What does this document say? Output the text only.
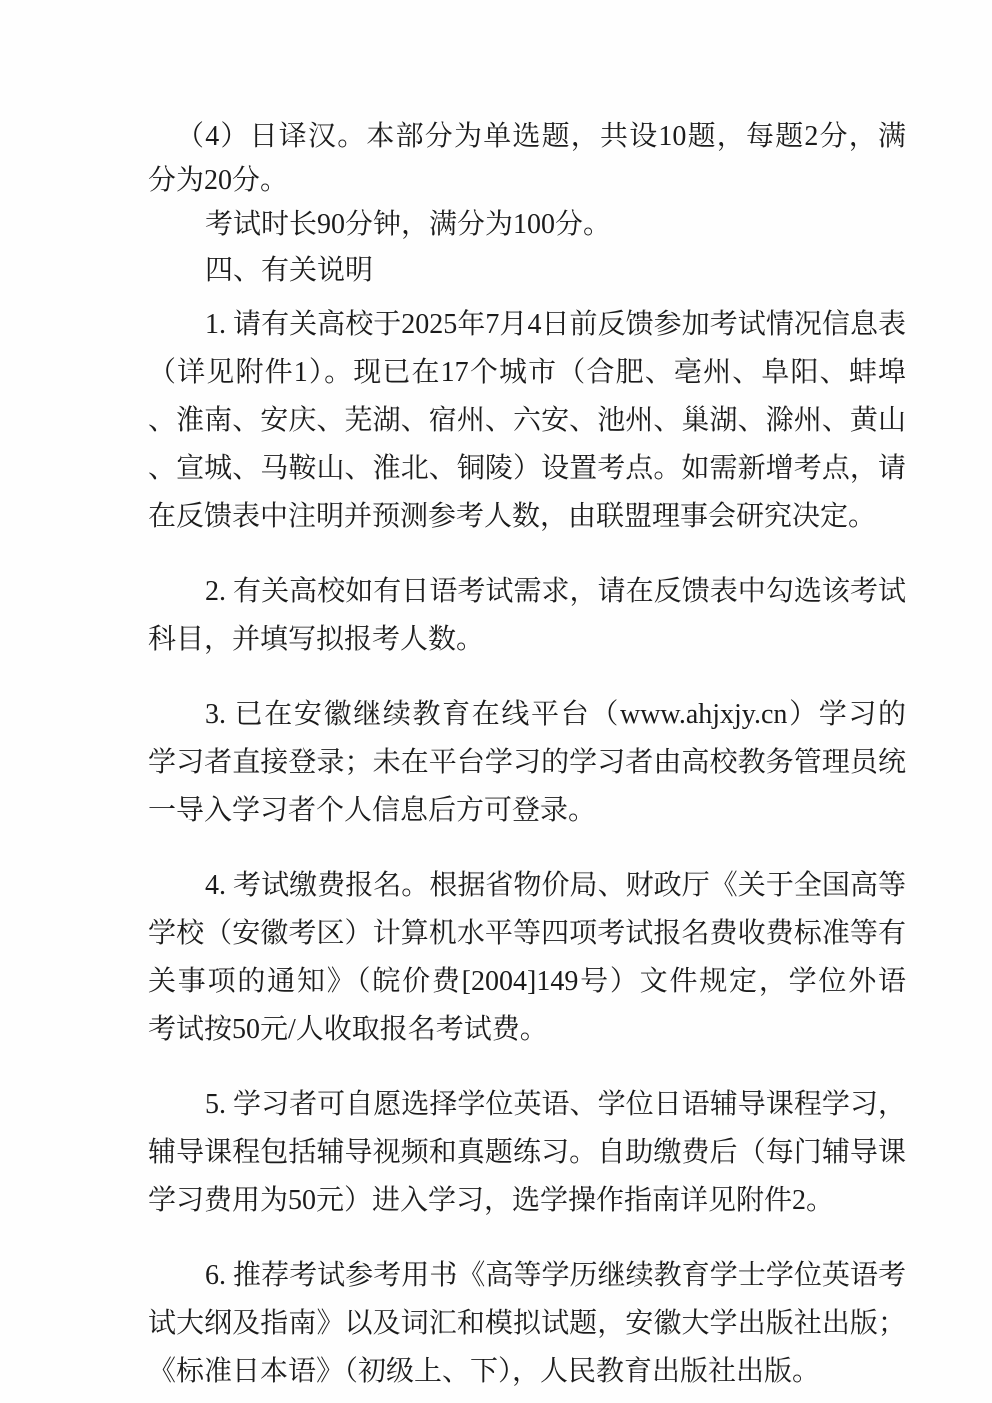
（4）日译汉。本部分为单选题，共设10题，每题2分，满
分为20分。
考试时长90分钟，满分为100分。
四、有关说明
1. 请有关高校于2025年7月4日前反馈参加考试情况信息表
（详见附件1）。现已在17个城市（合肥、亳州、阜阳、蚌埠
、淮南、安庆、芜湖、宿州、六安、池州、巢湖、滁州、黄山
、宣城、马鞍山、淮北、铜陵）设置考点。如需新增考点，请
在反馈表中注明并预测参考人数，由联盟理事会研究决定。
2. 有关高校如有日语考试需求，请在反馈表中勾选该考试
科目，并填写拟报考人数。
3. 已在安徽继续教育在线平台（www.ahjxjy.cn）学习的
学习者直接登录；未在平台学习的学习者由高校教务管理员统
一导入学习者个人信息后方可登录。
4. 考试缴费报名。根据省物价局、财政厅《关于全国高等
学校（安徽考区）计算机水平等四项考试报名费收费标准等有
关事项的通知》（皖价费[2004]149号）文件规定，学位外语
考试按50元/人收取报名考试费。
5. 学习者可自愿选择学位英语、学位日语辅导课程学习，
辅导课程包括辅导视频和真题练习。自助缴费后（每门辅导课
学习费用为50元）进入学习，选学操作指南详见附件2。
6. 推荐考试参考用书《高等学历继续教育学士学位英语考
试大纲及指南》以及词汇和模拟试题，安徽大学出版社出版；
《标准日本语》（初级上、下），人民教育出版社出版。
